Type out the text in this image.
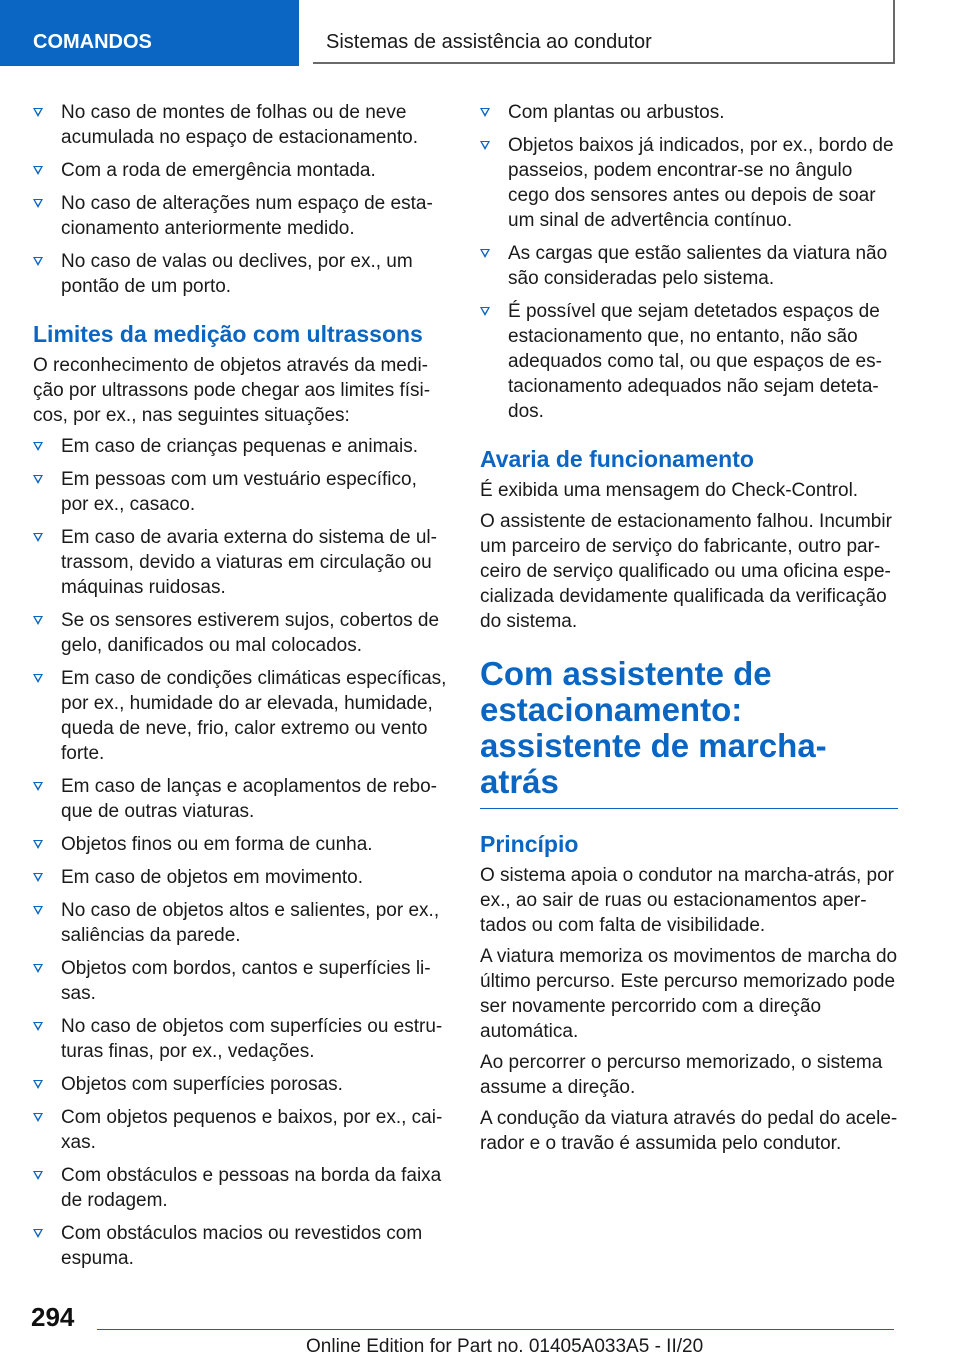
COMANDOS	Sistemas de assistência ao condutor
No caso de montes de folhas ou de neve acumulada no espaço de estacionamento.
Com a roda de emergência montada.
No caso de alterações num espaço de esta-cionamento anteriormente medido.
No caso de valas ou declives, por ex., um pontão de um porto.
Limites da medição com ultrassons

O reconhecimento de objetos através da medi-ção por ultrassons pode chegar aos limites físi-cos, por ex., nas seguintes situações:

Em caso de crianças pequenas e animais.
Em pessoas com um vestuário específico, por ex., casaco.
Em caso de avaria externa do sistema de ul-trassom, devido a viaturas em circulação ou máquinas ruidosas.
Se os sensores estiverem sujos, cobertos de gelo, danificados ou mal colocados.
Em caso de condições climáticas específicas, por ex., humidade do ar elevada, humidade, queda de neve, frio, calor extremo ou vento forte.
Em caso de lanças e acoplamentos de rebo-que de outras viaturas.
Objetos finos ou em forma de cunha.
Em caso de objetos em movimento.
No caso de objetos altos e salientes, por ex., saliências da parede.
Objetos com bordos, cantos e superfícies li-sas.
No caso de objetos com superfícies ou estru-turas finas, por ex., vedações.
Objetos com superfícies porosas.
Com objetos pequenos e baixos, por ex., cai-xas.
Com obstáculos e pessoas na borda da faixa de rodagem.
Com obstáculos macios ou revestidos com espuma.
Com plantas ou arbustos.
Objetos baixos já indicados, por ex., bordo de passeios, podem encontrar-se no ângulo cego dos sensores antes ou depois de soar um sinal de advertência contínuo.
As cargas que estão salientes da viatura não são consideradas pelo sistema.
É possível que sejam detetados espaços de estacionamento que, no entanto, não são adequados como tal, ou que espaços de es-tacionamento adequados não sejam deteta-dos.
Avaria de funcionamento

É exibida uma mensagem do Check-Control.

O assistente de estacionamento falhou. Incumbir um parceiro de serviço do fabricante, outro par-ceiro de serviço qualificado ou uma oficina espe-cializada devidamente qualificada da verificação do sistema.

Com assistente de estacionamento: assistente de marcha-atrás
Princípio

O sistema apoia o condutor na marcha-atrás, por ex., ao sair de ruas ou estacionamentos aper-tados ou com falta de visibilidade.

A viatura memoriza os movimentos de marcha do último percurso. Este percurso memorizado pode ser novamente percorrido com a direção automática.

Ao percorrer o percurso memorizado, o sistema assume a direção.

A condução da viatura através do pedal do acele-rador e o travão é assumida pelo condutor.

294
Online Edition for Part no. 01405A033A5 - II/20
